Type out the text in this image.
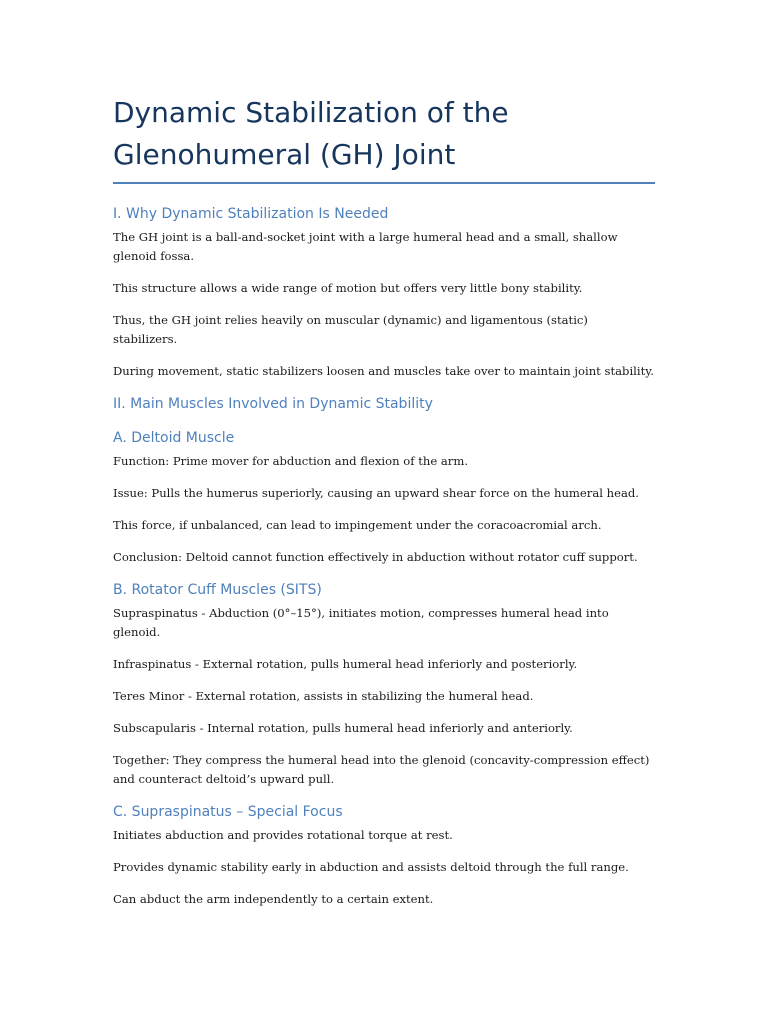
Dynamic Stabilization of the Glenohumeral (GH) Joint
I. Why Dynamic Stabilization Is Needed

The GH joint is a ball-and-socket joint with a large humeral head and a small, shallow glenoid fossa.

This structure allows a wide range of motion but offers very little bony stability.

Thus, the GH joint relies heavily on muscular (dynamic) and ligamentous (static) stabilizers.

During movement, static stabilizers loosen and muscles take over to maintain joint stability.

II. Main Muscles Involved in Dynamic Stability
A. Deltoid Muscle

Function: Prime mover for abduction and flexion of the arm.

Issue: Pulls the humerus superiorly, causing an upward shear force on the humeral head.

This force, if unbalanced, can lead to impingement under the coracoacromial arch.

Conclusion: Deltoid cannot function effectively in abduction without rotator cuff support.

B. Rotator Cuff Muscles (SITS)

Supraspinatus - Abduction (0°–15°), initiates motion, compresses humeral head into glenoid.

Infraspinatus - External rotation, pulls humeral head inferiorly and posteriorly.

Teres Minor - External rotation, assists in stabilizing the humeral head.

Subscapularis - Internal rotation, pulls humeral head inferiorly and anteriorly.

Together: They compress the humeral head into the glenoid (concavity-compression effect) and counteract deltoid’s upward pull.

C. Supraspinatus – Special Focus

Initiates abduction and provides rotational torque at rest.

Provides dynamic stability early in abduction and assists deltoid through the full range.

Can abduct the arm independently to a certain extent.
